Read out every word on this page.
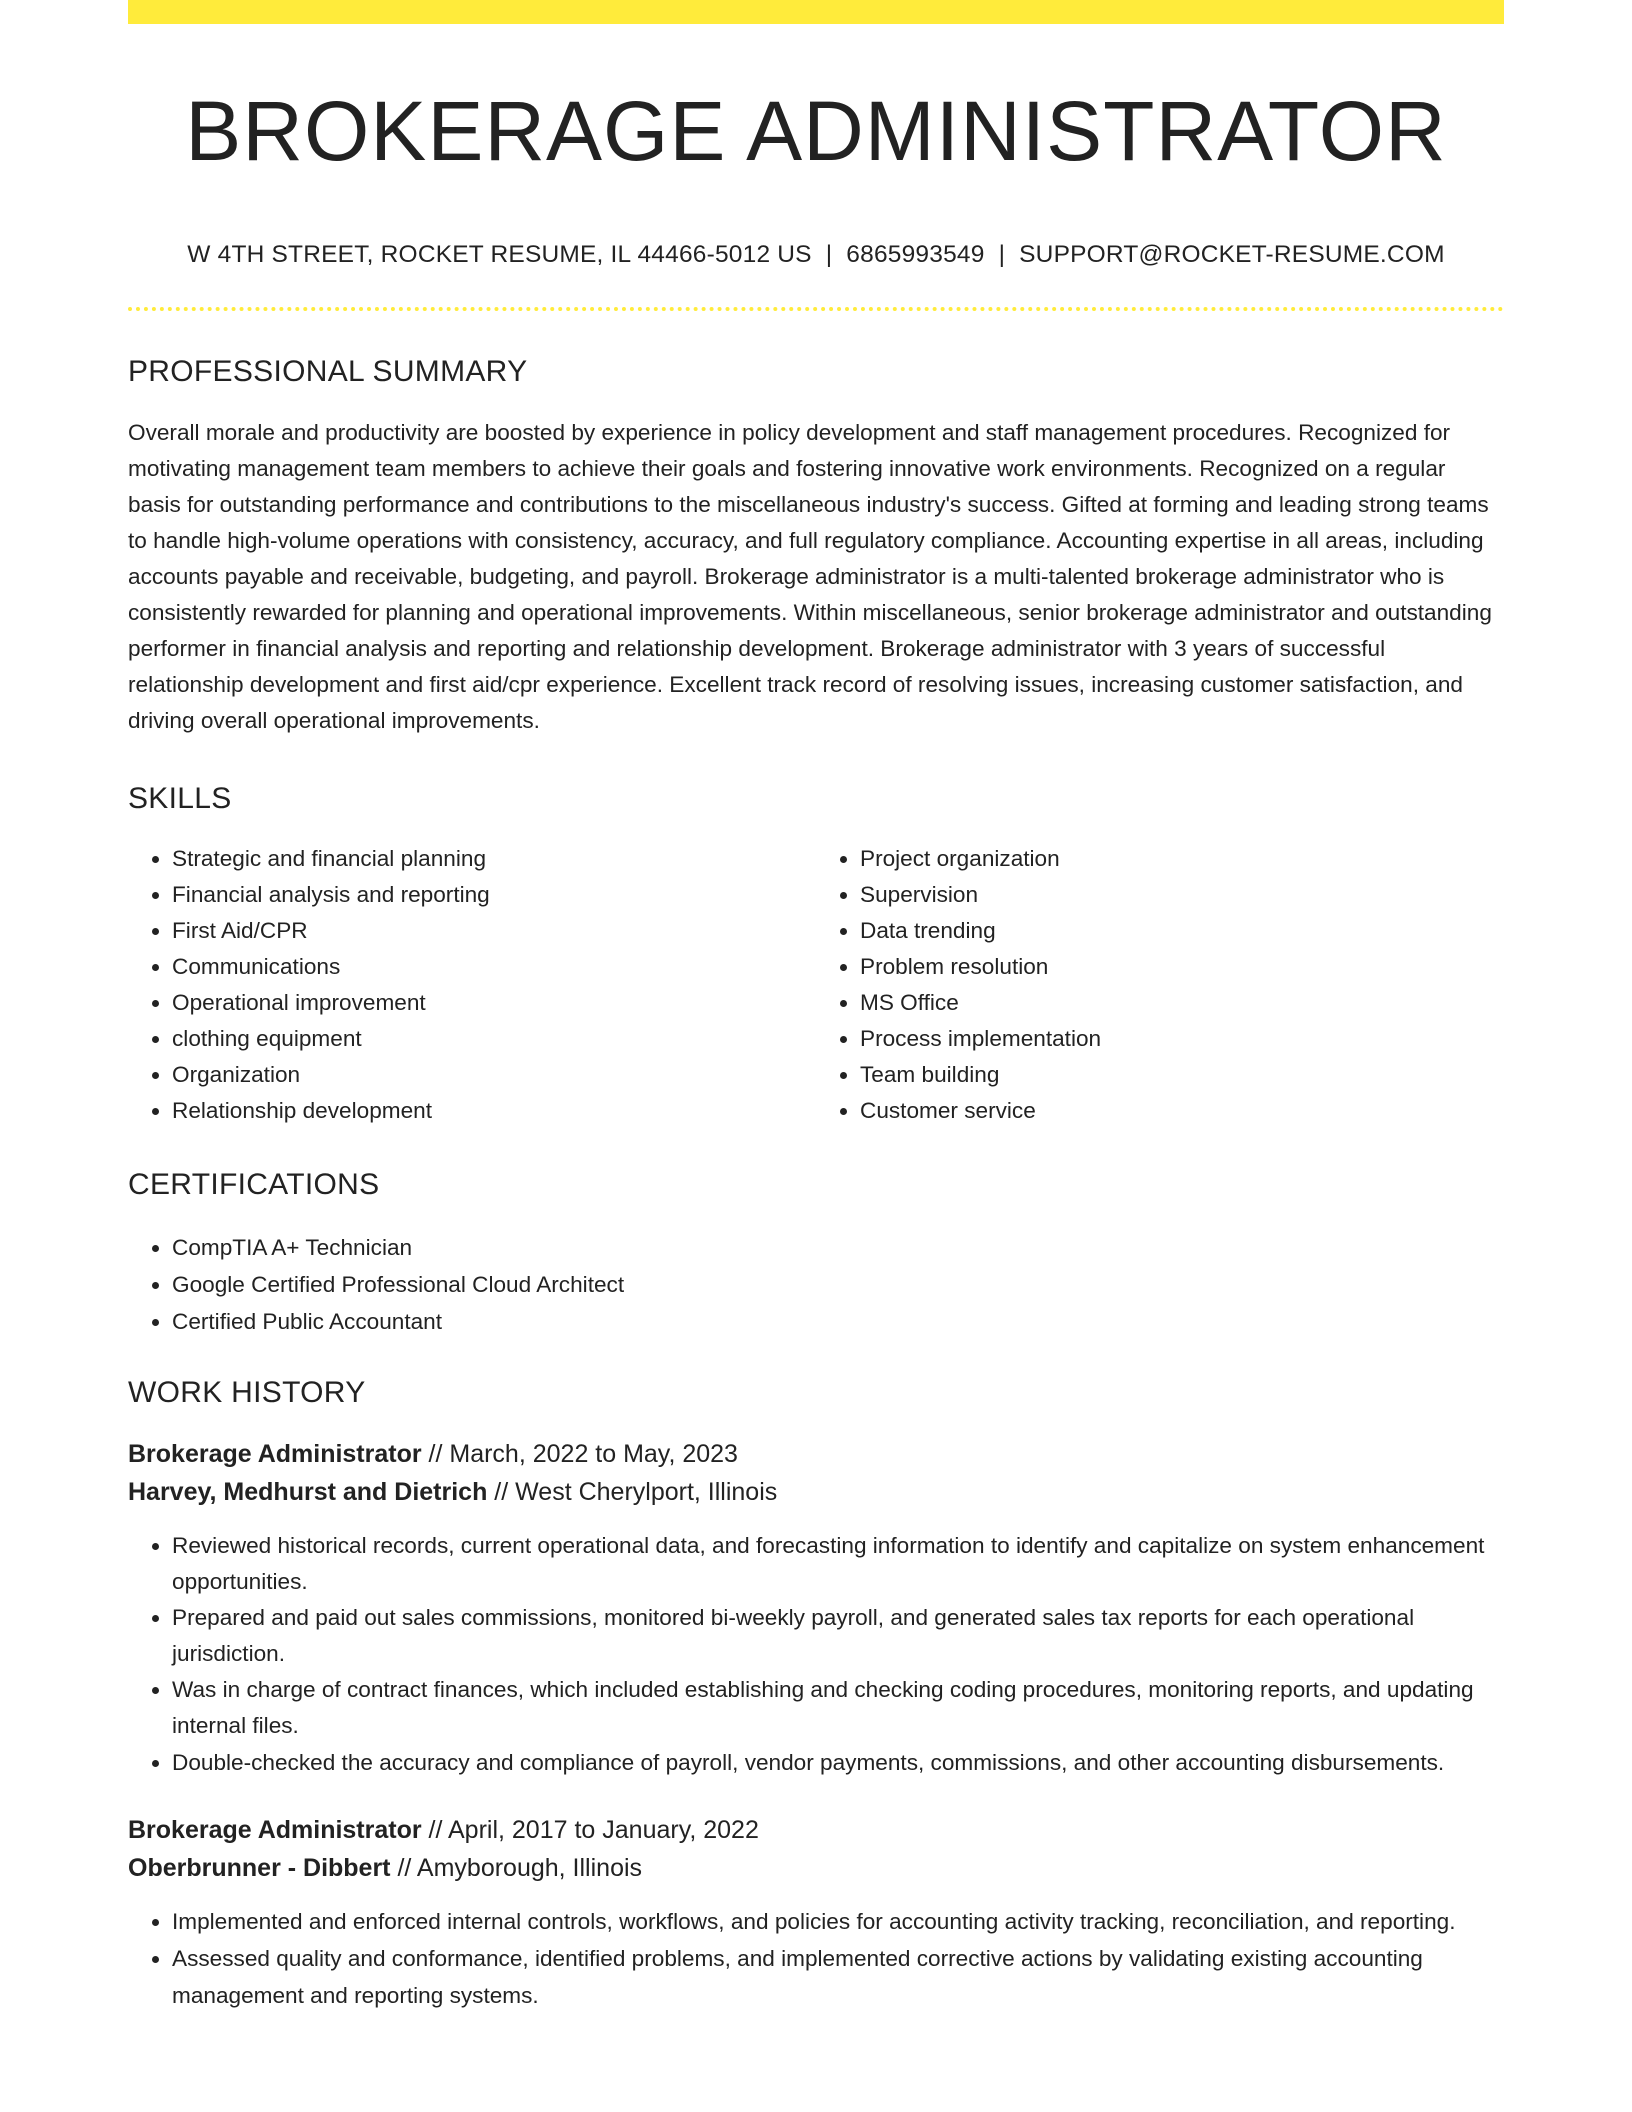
BROKERAGE ADMINISTRATOR
W 4TH STREET, ROCKET RESUME, IL 44466-5012 US | 6865993549 | SUPPORT@ROCKET-RESUME.COM
PROFESSIONAL SUMMARY

Overall morale and productivity are boosted by experience in policy development and staff management procedures. Recognized for motivating management team members to achieve their goals and fostering innovative work environments. Recognized on a regular basis for outstanding performance and contributions to the miscellaneous industry's success. Gifted at forming and leading strong teams to handle high-volume operations with consistency, accuracy, and full regulatory compliance. Accounting expertise in all areas, including accounts payable and receivable, budgeting, and payroll. Brokerage administrator is a multi-talented brokerage administrator who is consistently rewarded for planning and operational improvements. Within miscellaneous, senior brokerage administrator and outstanding performer in financial analysis and reporting and relationship development. Brokerage administrator with 3 years of successful relationship development and first aid/cpr experience. Excellent track record of resolving issues, increasing customer satisfaction, and driving overall operational improvements.

SKILLS
• Strategic and financial planning
• Financial analysis and reporting
• First Aid/CPR
• Communications
• Operational improvement
• clothing equipment
• Organization
• Relationship development
• Project organization
• Supervision
• Data trending
• Problem resolution
• MS Office
• Process implementation
• Team building
• Customer service
CERTIFICATIONS
• CompTIA A+ Technician
• Google Certified Professional Cloud Architect
• Certified Public Accountant
WORK HISTORY
Brokerage Administrator // March, 2022 to May, 2023
Harvey, Medhurst and Dietrich // West Cherylport, Illinois
• Reviewed historical records, current operational data, and forecasting information to identify and capitalize on system enhancement opportunities.
• Prepared and paid out sales commissions, monitored bi-weekly payroll, and generated sales tax reports for each operational jurisdiction.
• Was in charge of contract finances, which included establishing and checking coding procedures, monitoring reports, and updating internal files.
• Double-checked the accuracy and compliance of payroll, vendor payments, commissions, and other accounting disbursements.
Brokerage Administrator // April, 2017 to January, 2022
Oberbrunner - Dibbert // Amyborough, Illinois
• Implemented and enforced internal controls, workflows, and policies for accounting activity tracking, reconciliation, and reporting.
• Assessed quality and conformance, identified problems, and implemented corrective actions by validating existing accounting management and reporting systems.
